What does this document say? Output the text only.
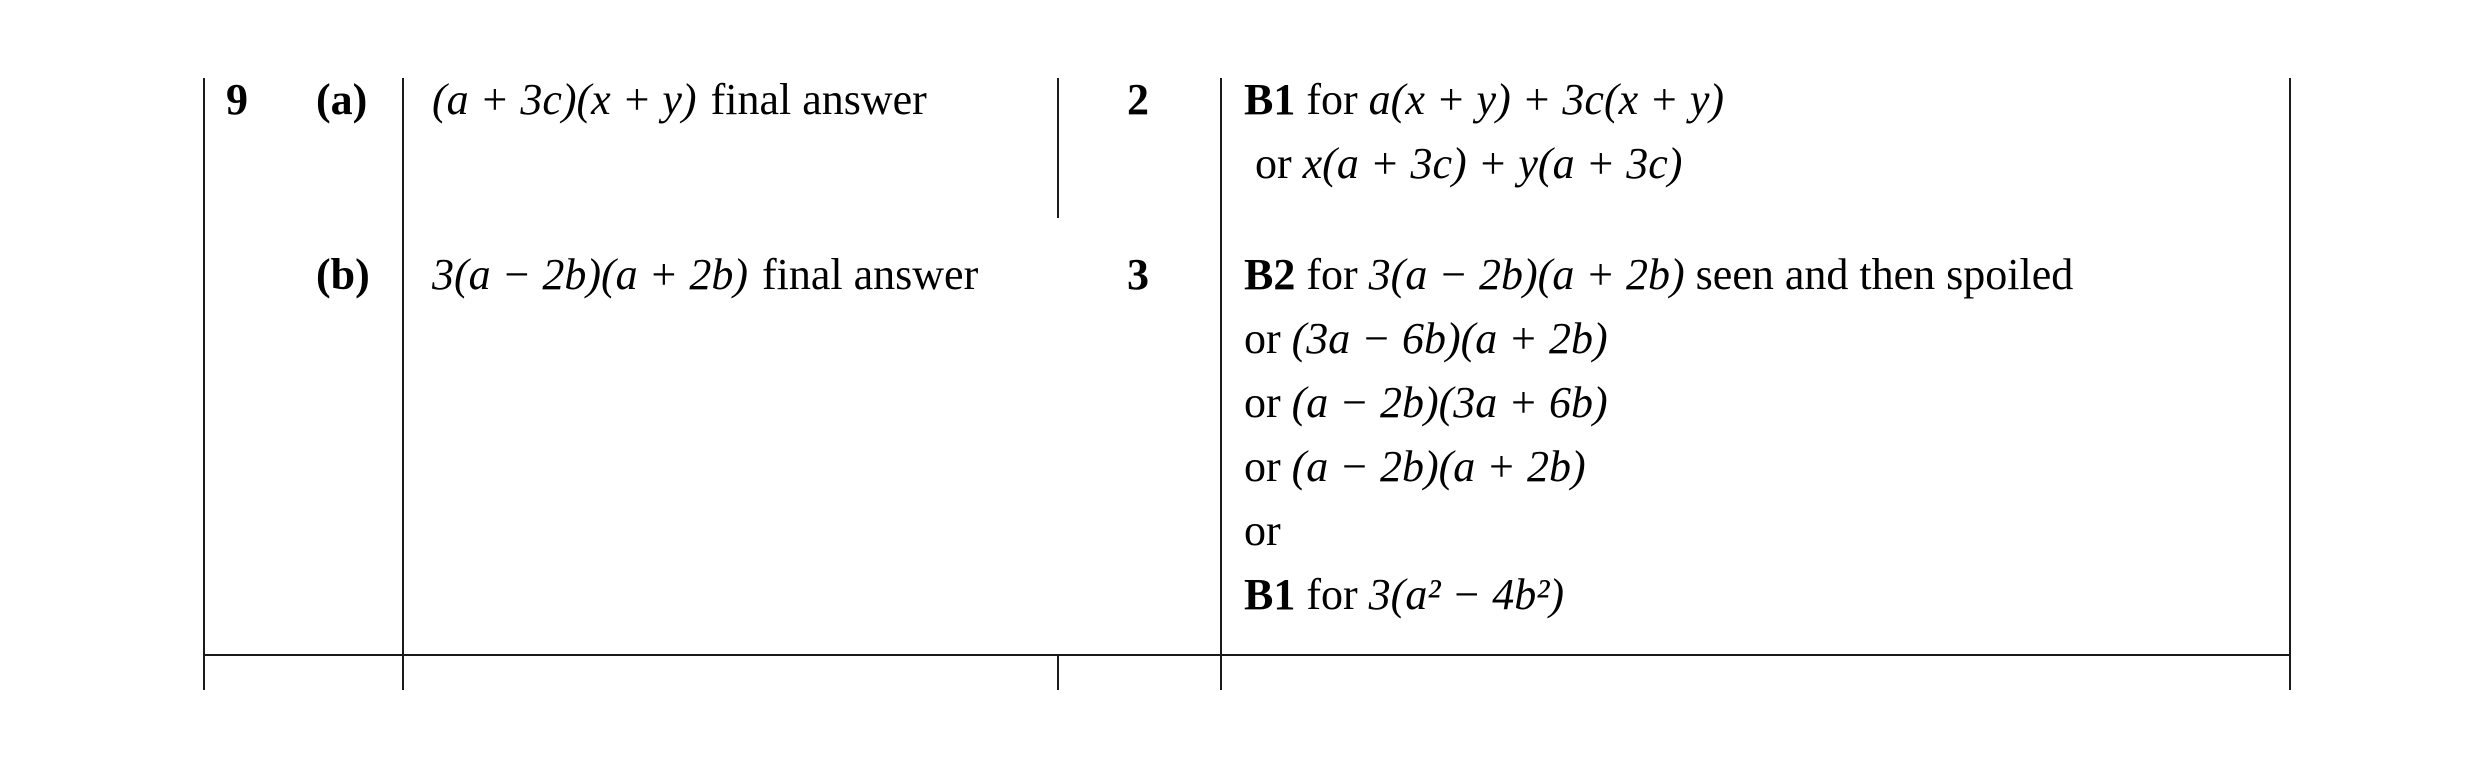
9 (a) (a + 3c)(x + y) final answer	2 B1 for a(x + y) + 3c(x + y)
or x(a + 3c) + y(a + 3c)
(b) 3(a − 2b)(a + 2b) final answer	3 B2 for 3(a − 2b)(a + 2b) seen and then spoiled
or (3a − 6b)(a + 2b)
or (a − 2b)(3a + 6b)
or (a − 2b)(a + 2b)
or
B1 for 3(a² − 4b²)
